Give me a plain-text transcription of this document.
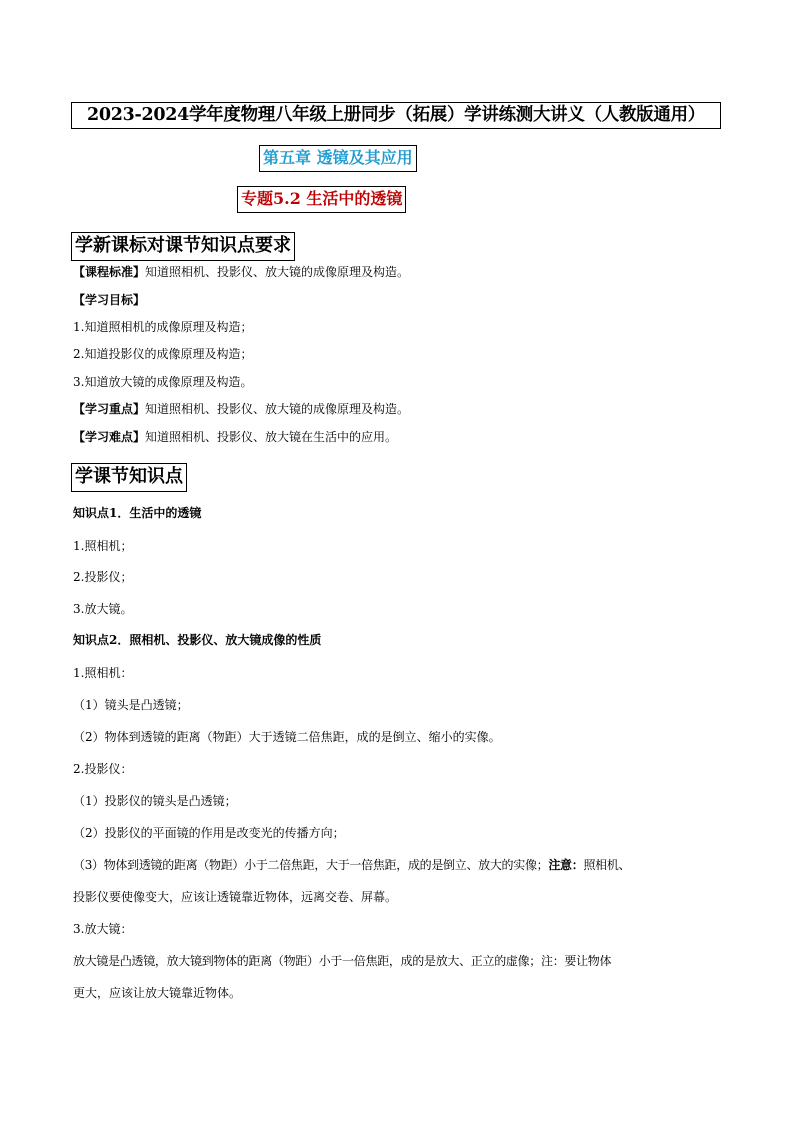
2023-2024学年度物理八年级上册同步（拓展）学讲练测大讲义（人教版通用）
第五章 透镜及其应用
专题5.2 生活中的透镜
学新课标对课节知识点要求
【课程标准】知道照相机、投影仪、放大镜的成像原理及构造。
【学习目标】
1.知道照相机的成像原理及构造；
2.知道投影仪的成像原理及构造；
3.知道放大镜的成像原理及构造。
【学习重点】知道照相机、投影仪、放大镜的成像原理及构造。
【学习难点】知道照相机、投影仪、放大镜在生活中的应用。
学课节知识点
知识点1．生活中的透镜
1.照相机；
2.投影仪；
3.放大镜。
知识点2．照相机、投影仪、放大镜成像的性质
1.照相机：
（1）镜头是凸透镜；
（2）物体到透镜的距离（物距）大于透镜二倍焦距，成的是倒立、缩小的实像。
2.投影仪：
（1）投影仪的镜头是凸透镜；
（2）投影仪的平面镜的作用是改变光的传播方向；
（3）物体到透镜的距离（物距）小于二倍焦距，大于一倍焦距，成的是倒立、放大的实像；注意：照相机、
投影仪要使像变大，应该让透镜靠近物体，远离交卷、屏幕。
3.放大镜：
放大镜是凸透镜，放大镜到物体的距离（物距）小于一倍焦距，成的是放大、正立的虚像；注：要让物体
更大，应该让放大镜靠近物体。
